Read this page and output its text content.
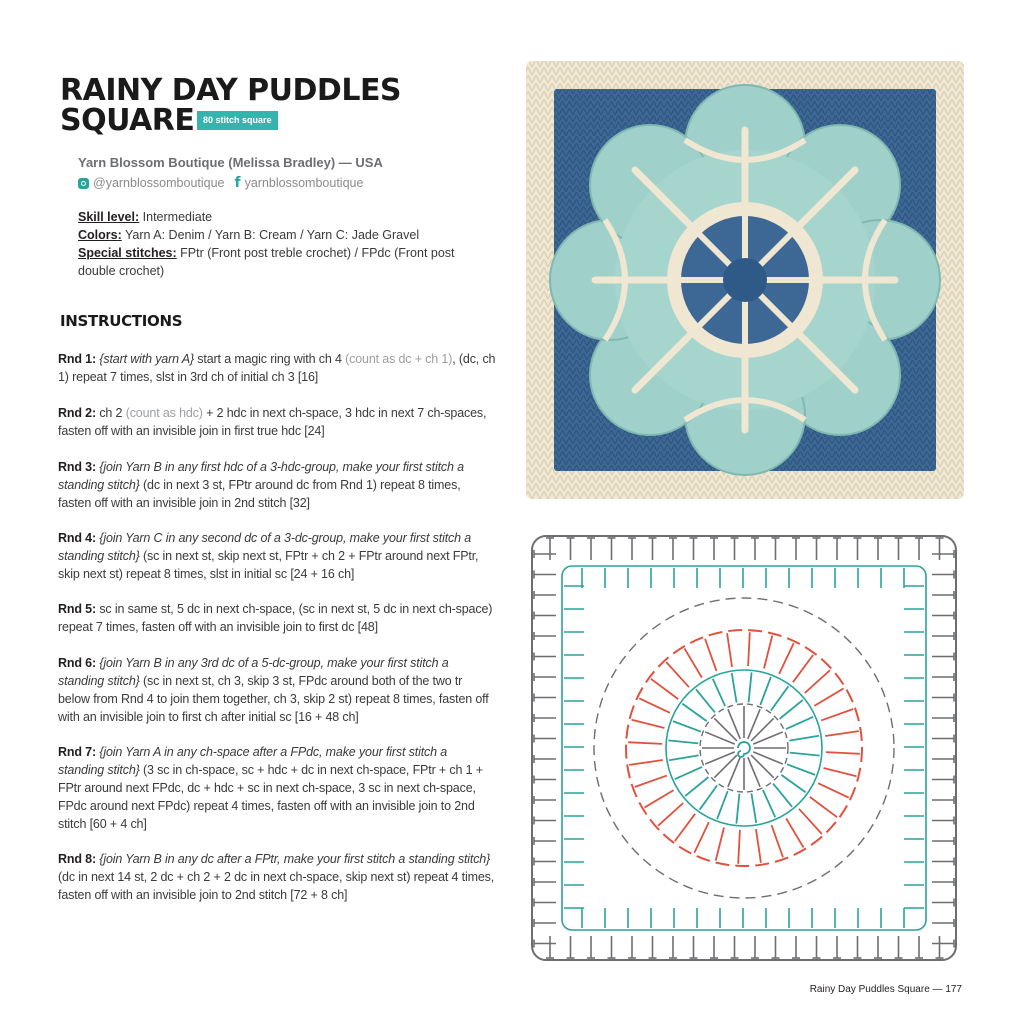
RAINY DAY PUDDLES
SQUARE 80 stitch square
Yarn Blossom Boutique (Melissa Bradley) — USA
@yarnblossomboutique f yarnblossomboutique
Skill level: Intermediate
Colors: Yarn A: Denim / Yarn B: Cream / Yarn C: Jade Gravel
Special stitches: FPtr (Front post treble crochet) / FPdc (Front post double crochet)
INSTRUCTIONS
Rnd 1: {start with yarn A} start a magic ring with ch 4 (count as dc + ch 1), (dc, ch 1) repeat 7 times, slst in 3rd ch of initial ch 3 [16]
Rnd 2: ch 2 (count as hdc) + 2 hdc in next ch-space, 3 hdc in next 7 ch-spaces, fasten off with an invisible join in first true hdc [24]
Rnd 3: {join Yarn B in any first hdc of a 3-hdc-group, make your first stitch a standing stitch} (dc in next 3 st, FPtr around dc from Rnd 1) repeat 8 times, fasten off with an invisible join in 2nd stitch [32]
Rnd 4: {join Yarn C in any second dc of a 3-dc-group, make your first stitch a standing stitch} (sc in next st, skip next st, FPtr + ch 2 + FPtr around next FPtr, skip next st) repeat 8 times, slst in initial sc [24 + 16 ch]
Rnd 5: sc in same st, 5 dc in next ch-space, (sc in next st, 5 dc in next ch-space) repeat 7 times, fasten off with an invisible join to first dc [48]
Rnd 6: {join Yarn B in any 3rd dc of a 5-dc-group, make your first stitch a standing stitch} (sc in next st, ch 3, skip 3 st, FPdc around both of the two tr below from Rnd 4 to join them together, ch 3, skip 2 st) repeat 8 times, fasten off with an invisible join to first ch after initial sc [16 + 48 ch]
Rnd 7: {join Yarn A in any ch-space after a FPdc, make your first stitch a standing stitch} (3 sc in ch-space, sc + hdc + dc in next ch-space, FPtr + ch 1 + FPtr around next FPdc, dc + hdc + sc in next ch-space, 3 sc in next ch-space, FPdc around next FPdc) repeat 4 times, fasten off with an invisible join to 2nd stitch [60 + 4 ch]
Rnd 8: {join Yarn B in any dc after a FPtr, make your first stitch a standing stitch} (dc in next 14 st, 2 dc + ch 2 + 2 dc in next ch-space, skip next st) repeat 4 times, fasten off with an invisible join to 2nd stitch [72 + 8 ch]
Rainy Day Puddles Square — 177
